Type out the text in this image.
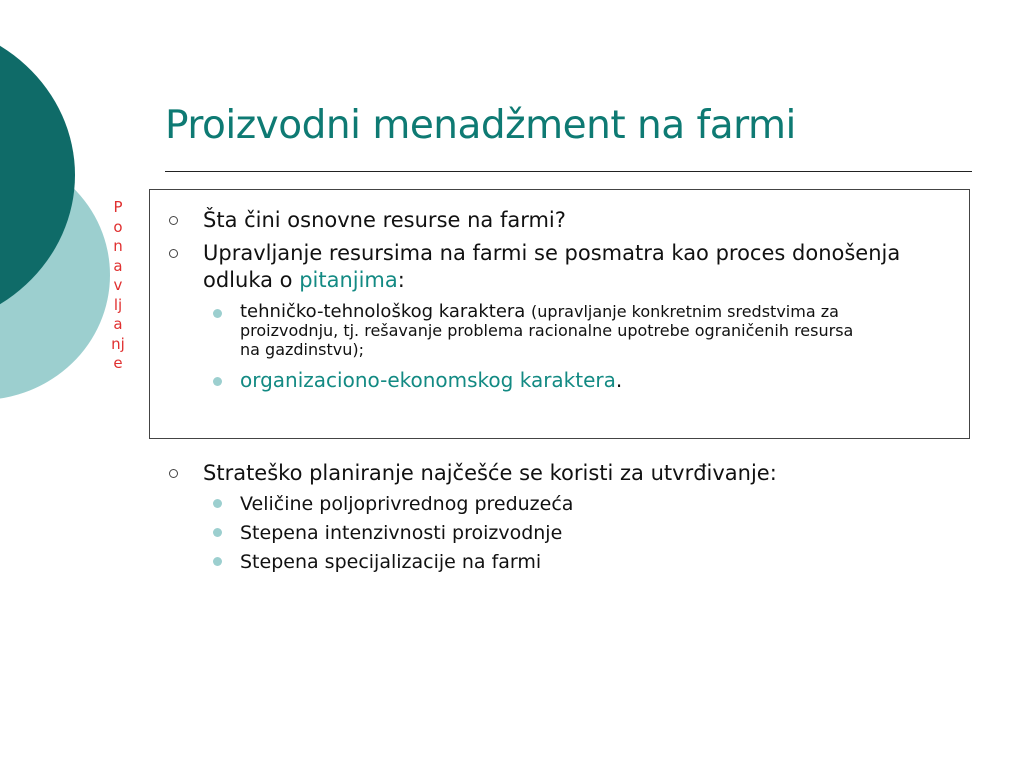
Proizvodni menadžment na farmi
P
o
n
a
v
lj
a
nj
e
Šta čini osnovne resurse na farmi?
Upravljanje resursima na farmi se posmatra kao proces donošenja odluka o pitanjima:
tehničko-tehnološkog karaktera (upravljanje konkretnim sredstvima za proizvodnju, tj. rešavanje problema racionalne upotrebe ograničenih resursa na gazdinstvu);
organizaciono-ekonomskog karaktera.
Strateško planiranje najčešće se koristi za utvrđivanje:
Veličine poljoprivrednog preduzeća
Stepena intenzivnosti proizvodnje
Stepena specijalizacije na farmi
